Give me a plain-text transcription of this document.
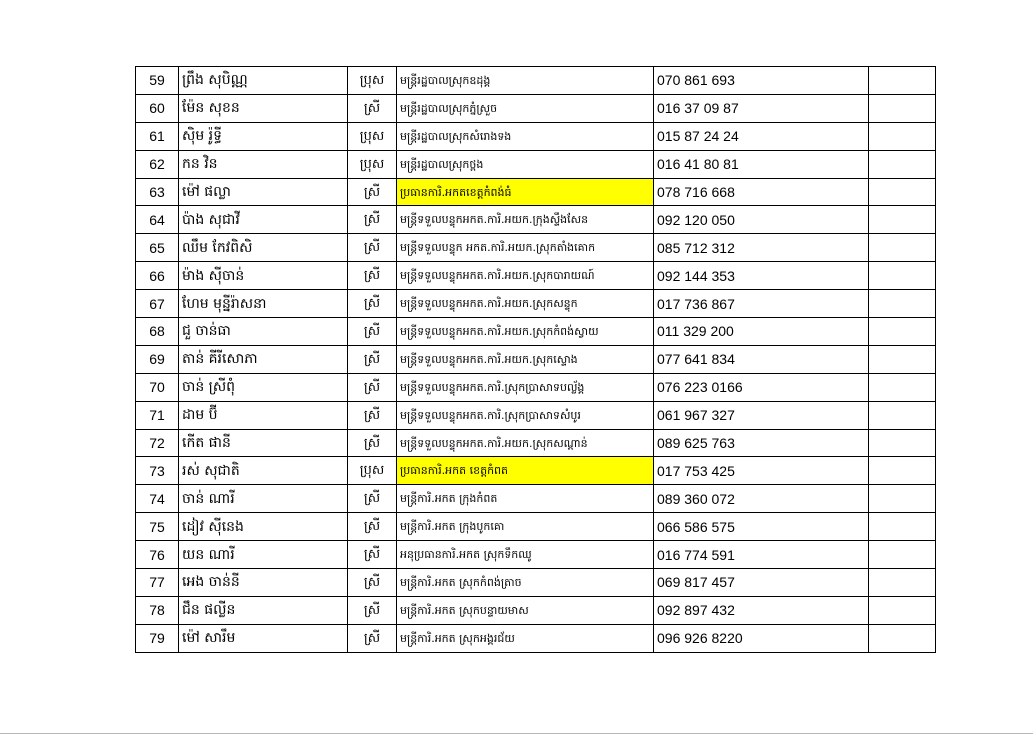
59	ព្រឹង សុបិណ្ណ	ប្រុស	មន្ត្រីរដ្ឋបាលស្រុកឧដុង្គ	070 861 693	
60	ម៉ែន សុខន	ស្រី	មន្ត្រីរដ្ឋបាលស្រុកភ្នំស្រួច	016 37 09 87	
61	ស៊ិម រ៉ូទ្ធី	ប្រុស	មន្ត្រីរដ្ឋបាលស្រុកសំរោងទង	015 87 24 24	
62	កន វិន	ប្រុស	មន្ត្រីរដ្ឋបាលស្រុកថ្ពង	016 41 80 81	
63	ម៉ៅ ផល្លា	ស្រី	ប្រធានការិ.អកតខេត្តកំពង់ធំ	078 716 668	
64	ប៉ាង សុជាវី	ស្រី	មន្ត្រីទទួលបន្ទុកអកត.ការិ.អយក.ក្រុងស្ទឹងសែន	092 120 050	
65	ឈឹម កែវពិសិ	ស្រី	មន្ត្រីទទួលបន្ទុក អកត.ការិ.អយក.ស្រុកតាំងគោក	085 712 312	
66	ម៉ាង ស៊ីចាន់	ស្រី	មន្ត្រីទទួលបន្ទុកអកត.ការិ.អយក.ស្រុកបារាយណ៍	092 144 353	
67	ហែម មុន្នីរ៉ាសនា	ស្រី	មន្ត្រីទទួលបន្ទុកអកត.ការិ.អយក.ស្រុកសន្ទុក	017 736 867	
68	ជួ ចាន់ធា	ស្រី	មន្ត្រីទទួលបន្ទុកអកត.ការិ.អយក.ស្រុកកំពង់ស្វាយ	011 329 200	
69	តាន់ គីរីសោភា	ស្រី	មន្ត្រីទទួលបន្ទុកអកត.ការិ.អយក.ស្រុកស្ទោង	077 641 834	
70	ចាន់ ស្រីពុំ	ស្រី	មន្ត្រីទទួលបន្ទុកអកត.ការិ.ស្រុកប្រាសាទបល្ល័ង្គ	076 223 0166	
71	ដាម ប៊ី	ស្រី	មន្ត្រីទទួលបន្ទុកអកត.ការិ.ស្រុកប្រាសាទសំបូរ	061 967 327	
72	កើត ផានី	ស្រី	មន្ត្រីទទួលបន្ទុកអកត.ការិ.អយក.ស្រុកសណ្ដាន់	089 625 763	
73	រស់ សុជាតិ	ប្រុស	ប្រធានការិ.អកត ខេត្តកំពត	017 753 425	
74	ចាន់ ណារី	ស្រី	មន្ត្រីការិ.អកត ក្រុងកំពត	089 360 072	
75	ដៀវ ស៊ីនេង	ស្រី	មន្ត្រីការិ.អកត ក្រុងបូកគោ	066 586 575	
76	យន ណារី	ស្រី	អនុប្រធានការិ.អកត ស្រុកទឹកឈូ	016 774 591	
77	អេង ចាន់នី	ស្រី	មន្ត្រីការិ.អកត ស្រុកកំពង់ត្រាច	069 817 457	
78	ជឹន ផល្លីន	ស្រី	មន្ត្រីការិ.អកត ស្រុកបន្ទាយមាស	092 897 432	
79	ម៉ៅ សារឹម	ស្រី	មន្ត្រីការិ.អកត ស្រុកអង្គរជ័យ	096 926 8220	
